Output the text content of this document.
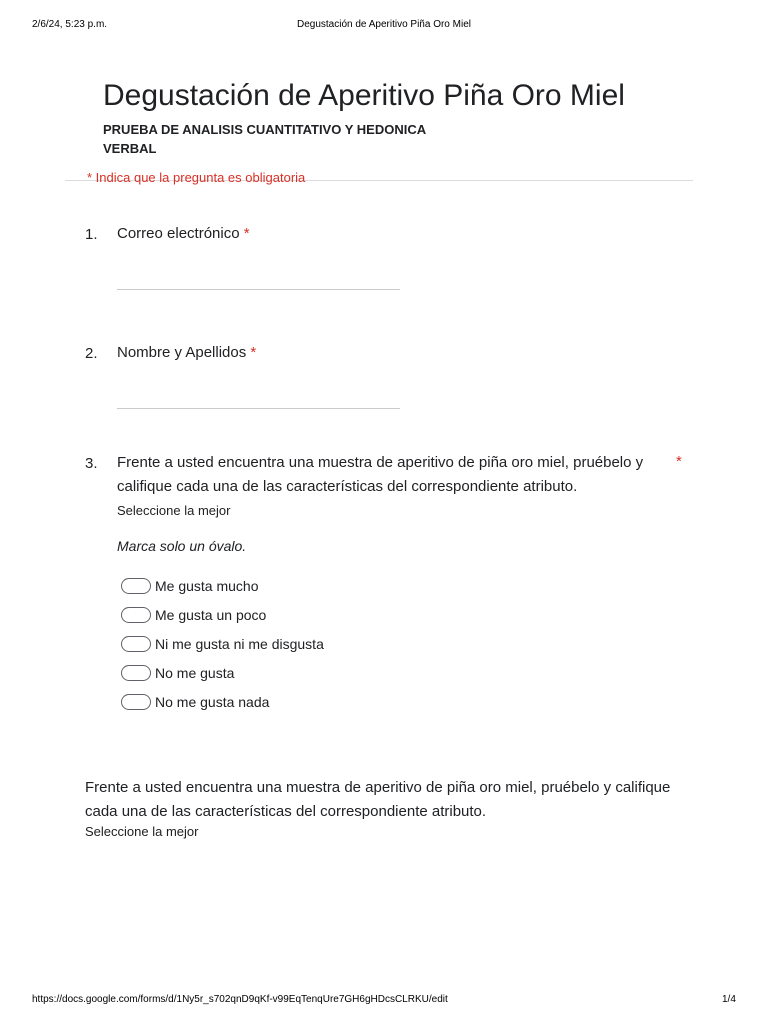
2/6/24, 5:23 p.m.	Degustación de Aperitivo Piña Oro Miel
Degustación de Aperitivo Piña Oro Miel
PRUEBA DE ANALISIS CUANTITATIVO Y HEDONICA
VERBAL
* Indica que la pregunta es obligatoria
1. Correo electrónico *
2. Nombre y Apellidos *
3. Frente a usted encuentra una muestra de aperitivo de piña oro miel, pruébelo y *
califique cada una de las características del correspondiente atributo.
Seleccione la mejor
Marca solo un óvalo.
Me gusta mucho
Me gusta un poco
Ni me gusta ni me disgusta
No me gusta
No me gusta nada
Frente a usted encuentra una muestra de aperitivo de piña oro miel, pruébelo y califique
cada una de las características del correspondiente atributo.
Seleccione la mejor
https://docs.google.com/forms/d/1Ny5r_s702qnD9qKf-v99EqTenqUre7GH6gHDcsCLRKU/edit	1/4
